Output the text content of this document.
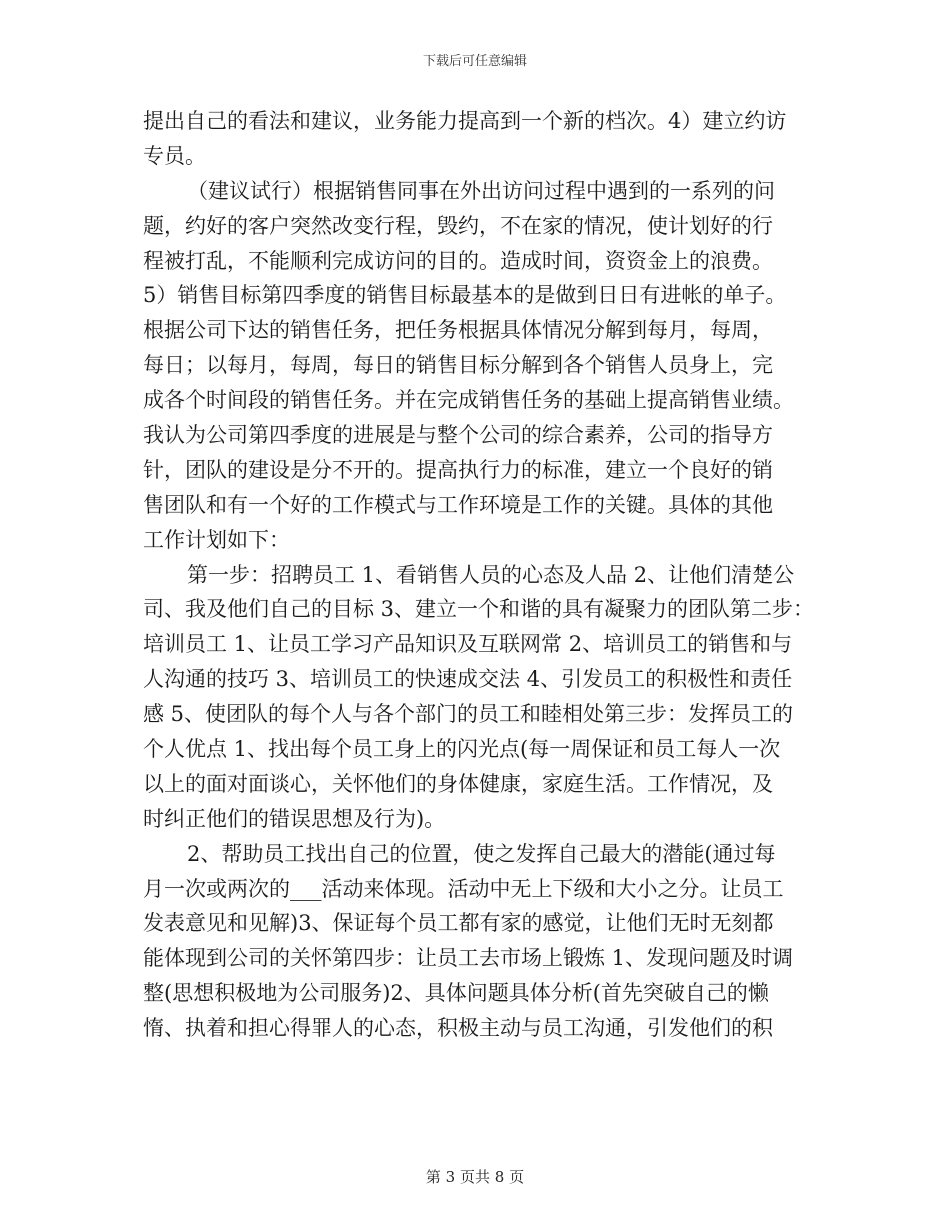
下载后可任意编辑
提出自己的看法和建议，业务能力提高到一个新的档次。4）建立约访
专员。
（建议试行）根据销售同事在外出访问过程中遇到的一系列的问
题，约好的客户突然改变行程，毁约，不在家的情况，使计划好的行
程被打乱，不能顺利完成访问的目的。造成时间，资资金上的浪费。
5）销售目标第四季度的销售目标最基本的是做到日日有进帐的单子。
根据公司下达的销售任务，把任务根据具体情况分解到每月，每周，
每日；以每月，每周，每日的销售目标分解到各个销售人员身上，完
成各个时间段的销售任务。并在完成销售任务的基础上提高销售业绩。
我认为公司第四季度的进展是与整个公司的综合素养，公司的指导方
针，团队的建设是分不开的。提高执行力的标准，建立一个良好的销
售团队和有一个好的工作模式与工作环境是工作的关键。具体的其他
工作计划如下：
第一步：招聘员工 1、看销售人员的心态及人品 2、让他们清楚公
司、我及他们自己的目标 3、建立一个和谐的具有凝聚力的团队第二步：
培训员工 1、让员工学习产品知识及互联网常 2、培训员工的销售和与
人沟通的技巧 3、培训员工的快速成交法 4、引发员工的积极性和责任
感 5、使团队的每个人与各个部门的员工和睦相处第三步：发挥员工的
个人优点 1、找出每个员工身上的闪光点(每一周保证和员工每人一次
以上的面对面谈心，关怀他们的身体健康，家庭生活。工作情况，及
时纠正他们的错误思想及行为)。
2、帮助员工找出自己的位置，使之发挥自己最大的潜能(通过每
月一次或两次的___活动来体现。活动中无上下级和大小之分。让员工
发表意见和见解)3、保证每个员工都有家的感觉，让他们无时无刻都
能体现到公司的关怀第四步：让员工去市场上锻炼 1、发现问题及时调
整(思想积极地为公司服务)2、具体问题具体分析(首先突破自己的懒
惰、执着和担心得罪人的心态，积极主动与员工沟通，引发他们的积
第 3 页共 8 页
